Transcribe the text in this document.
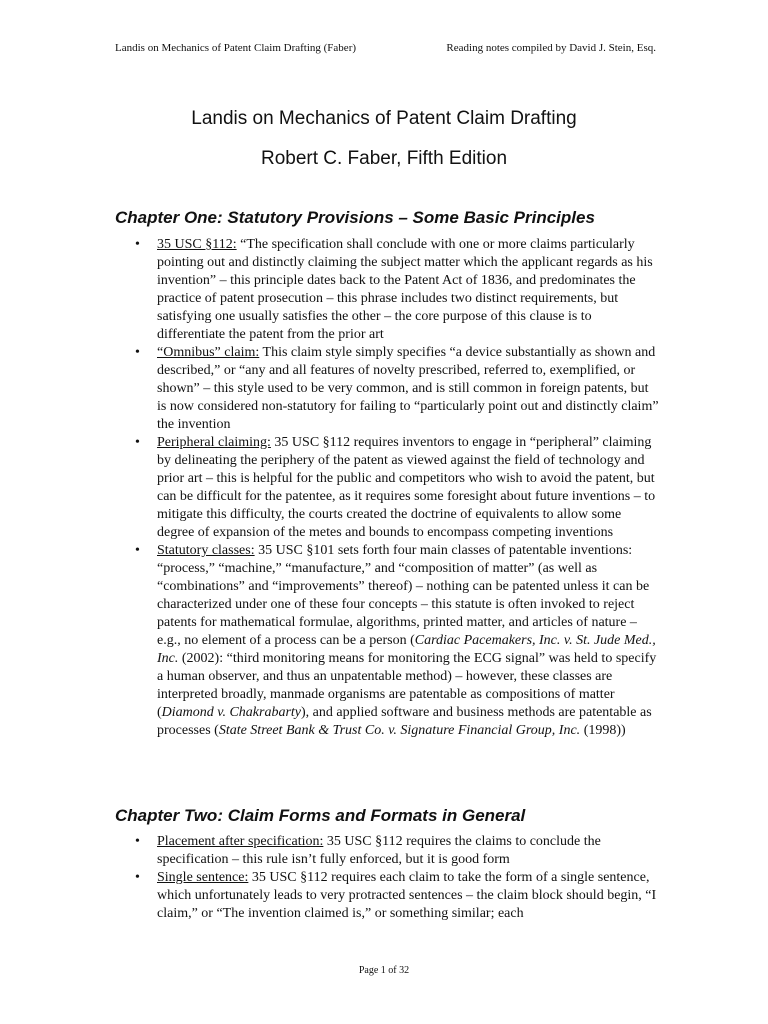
Landis on Mechanics of Patent Claim Drafting (Faber)	Reading notes compiled by David J. Stein, Esq.
Landis on Mechanics of Patent Claim Drafting
Robert C. Faber, Fifth Edition
Chapter One: Statutory Provisions – Some Basic Principles
• 35 USC §112: “The specification shall conclude with one or more claims particularly pointing out and distinctly claiming the subject matter which the applicant regards as his invention” – this principle dates back to the Patent Act of 1836, and predominates the practice of patent prosecution – this phrase includes two distinct requirements, but satisfying one usually satisfies the other – the core purpose of this clause is to differentiate the patent from the prior art
• “Omnibus” claim: This claim style simply specifies “a device substantially as shown and described,” or “any and all features of novelty prescribed, referred to, exemplified, or shown” – this style used to be very common, and is still common in foreign patents, but is now considered non-statutory for failing to “particularly point out and distinctly claim” the invention
• Peripheral claiming: 35 USC §112 requires inventors to engage in “peripheral” claiming by delineating the periphery of the patent as viewed against the field of technology and prior art – this is helpful for the public and competitors who wish to avoid the patent, but can be difficult for the patentee, as it requires some foresight about future inventions – to mitigate this difficulty, the courts created the doctrine of equivalents to allow some degree of expansion of the metes and bounds to encompass competing inventions
• Statutory classes: 35 USC §101 sets forth four main classes of patentable inventions: “process,” “machine,” “manufacture,” and “composition of matter” (as well as “combinations” and “improvements” thereof) – nothing can be patented unless it can be characterized under one of these four concepts – this statute is often invoked to reject patents for mathematical formulae, algorithms, printed matter, and articles of nature – e.g., no element of a process can be a person (Cardiac Pacemakers, Inc. v. St. Jude Med., Inc. (2002): “third monitoring means for monitoring the ECG signal” was held to specify a human observer, and thus an unpatentable method) – however, these classes are interpreted broadly, manmade organisms are patentable as compositions of matter (Diamond v. Chakrabarty), and applied software and business methods are patentable as processes (State Street Bank & Trust Co. v. Signature Financial Group, Inc. (1998))
Chapter Two: Claim Forms and Formats in General
• Placement after specification: 35 USC §112 requires the claims to conclude the specification – this rule isn’t fully enforced, but it is good form
• Single sentence: 35 USC §112 requires each claim to take the form of a single sentence, which unfortunately leads to very protracted sentences – the claim block should begin, “I claim,” or “The invention claimed is,” or something similar; each
Page 1 of 32
